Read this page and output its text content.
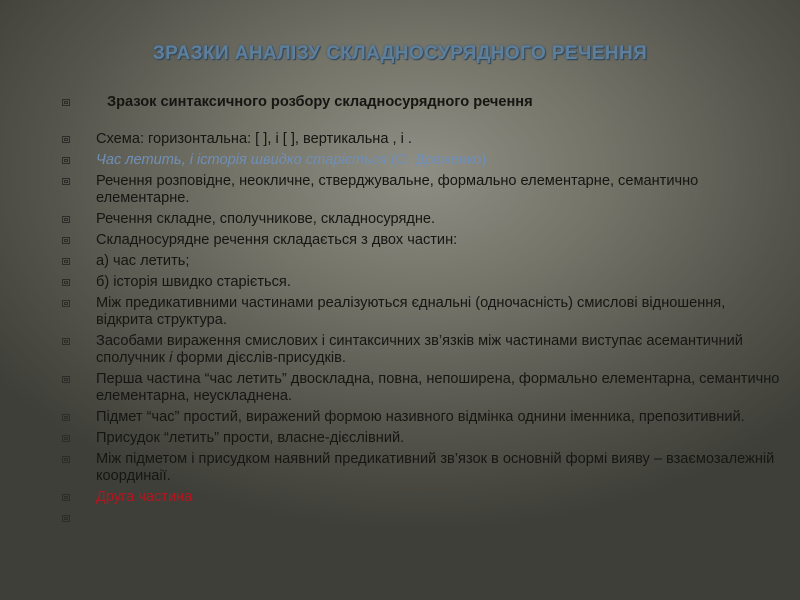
ЗРАЗКИ АНАЛІЗУ СКЛАДНОСУРЯДНОГО РЕЧЕННЯ
Зразок синтаксичного розбору складносурядного речення
Схема: горизонтальна: [ ], і [ ], вертикальна , і .
Час летить, і історія швидко старіється (О. Довженко)
Речення розповідне, неокличне, стверджувальне, формально елементарне, семантично елементарне.
Речення складне, сполучникове, складносурядне.
Складносурядне речення складається з двох частин:
а) час летить;
б) історія швидко старіється.
Між предикативними частинами реалізуються єднальні (одночасність) смислові відношення, відкрита структура.
Засобами вираження смислових і синтаксичних зв’язків між частинами виступає асемантичний сполучник і форми дієслів-присудків.
Перша частина “час летить” двоскладна, повна, непоширена, формально елементарна, семантично елементарна, неускладнена.
Підмет “час” простий, виражений формою називного відмінка однини іменника, препозитивний.
Присудок “летить” прости, власне-дієслівний.
Між підметом і присудком наявний предикативний зв’язок в основній формі вияву – взаємозалежній координаії.
Друга частина
